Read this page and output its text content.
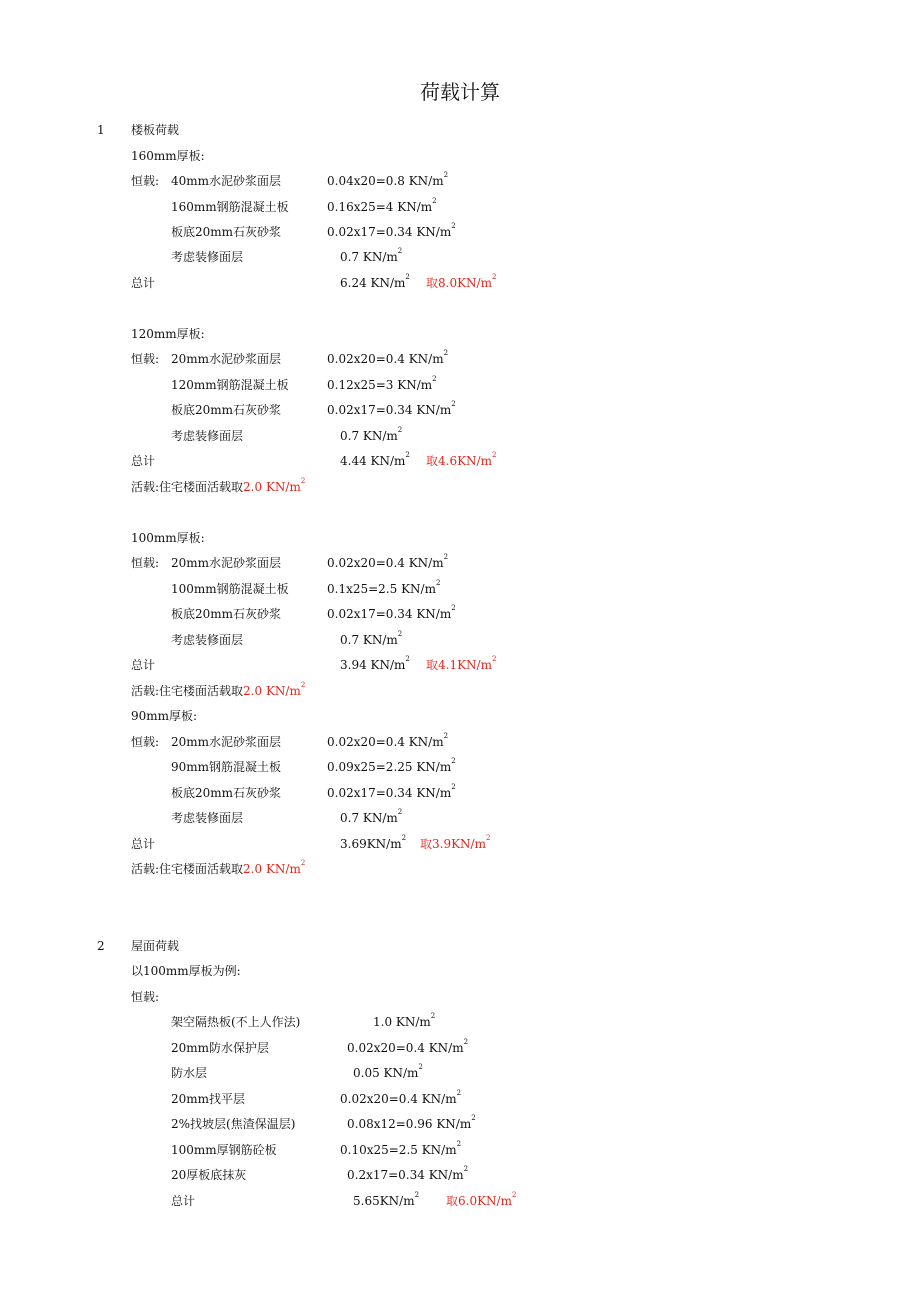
荷载计算
1 楼板荷载
160mm厚板:
恒载: 40mm水泥砂浆面层	0.04x20=0.8 $KN/m^2$
160mm钢筋混凝土板	0.16x25=4 $KN/m^2$
板底20mm石灰砂浆	0.02x17=0.34 $KN/m^2$
考虑装修面层	0.7 $KN/m^2$
总计	6.24 $KN/m^2$ 取$8.0KN/m^2$
120mm厚板:
恒载: 20mm水泥砂浆面层	0.02x20=0.4 $KN/m^2$
120mm钢筋混凝土板	0.12x25=3 $KN/m^2$
板底20mm石灰砂浆	0.02x17=0.34 $KN/m^2$
考虑装修面层	0.7 $KN/m^2$
总计	4.44 $KN/m^2$ 取$4.6KN/m^2$
活载:住宅楼面活载取2.0 $KN/m^2$
100mm厚板:
恒载: 20mm水泥砂浆面层	0.02x20=0.4 $KN/m^2$
100mm钢筋混凝土板	0.1x25=2.5 $KN/m^2$
板底20mm石灰砂浆	0.02x17=0.34 $KN/m^2$
考虑装修面层	0.7 $KN/m^2$
总计	3.94 $KN/m^2$ 取$4.1KN/m^2$
活载:住宅楼面活载取2.0 $KN/m^2$
90mm厚板:
恒载: 20mm水泥砂浆面层	0.02x20=0.4 $KN/m^2$
90mm钢筋混凝土板	0.09x25=2.25 $KN/m^2$
板底20mm石灰砂浆	0.02x17=0.34 $KN/m^2$
考虑装修面层	0.7 $KN/m^2$
总计	$3.69KN/m^2$ 取$3.9KN/m^2$
活载:住宅楼面活载取2.0 $KN/m^2$
2 屋面荷载
以100mm厚板为例:
恒载:
架空隔热板(不上人作法)	1.0 $KN/m^2$
20mm防水保护层	0.02x20=0.4 $KN/m^2$
防水层	0.05 $KN/m^2$
20mm找平层	0.02x20=0.4 $KN/m^2$
2%找坡层(焦渣保温层)	0.08x12=0.96 $KN/m^2$
100mm厚钢筋砼板	0.10x25=2.5 $KN/m^2$
20厚板底抹灰	0.2x17=0.34 $KN/m^2$
总计	$5.65KN/m^2$ 取$6.0KN/m^2$
